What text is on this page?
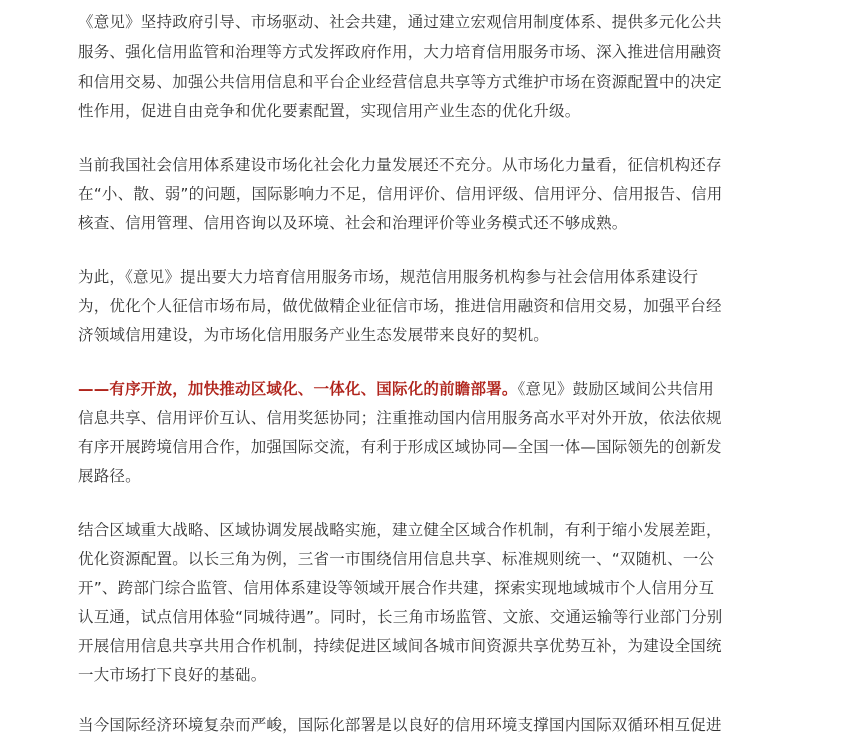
《意见》坚持政府引导、市场驱动、社会共建，通过建立宏观信用制度体系、提供多元化公共
服务、强化信用监管和治理等方式发挥政府作用，大力培育信用服务市场、深入推进信用融资
和信用交易、加强公共信用信息和平台企业经营信息共享等方式维护市场在资源配置中的决定
性作用，促进自由竞争和优化要素配置，实现信用产业生态的优化升级。
当前我国社会信用体系建设市场化社会化力量发展还不充分。从市场化力量看，征信机构还存
在“小、散、弱”的问题，国际影响力不足，信用评价、信用评级、信用评分、信用报告、信用
核查、信用管理、信用咨询以及环境、社会和治理评价等业务模式还不够成熟。
为此，《意见》提出要大力培育信用服务市场，规范信用服务机构参与社会信用体系建设行
为，优化个人征信市场布局，做优做精企业征信市场，推进信用融资和信用交易，加强平台经
济领域信用建设，为市场化信用服务产业生态发展带来良好的契机。
——有序开放，加快推动区域化、一体化、国际化的前瞻部署。《意见》鼓励区域间公共信用
信息共享、信用评价互认、信用奖惩协同；注重推动国内信用服务高水平对外开放，依法依规
有序开展跨境信用合作，加强国际交流，有利于形成区域协同—全国一体—国际领先的创新发
展路径。
结合区域重大战略、区域协调发展战略实施，建立健全区域合作机制，有利于缩小发展差距，
优化资源配置。以长三角为例，三省一市围绕信用信息共享、标准规则统一、“双随机、一公
开”、跨部门综合监管、信用体系建设等领域开展合作共建，探索实现地域城市个人信用分互
认互通，试点信用体验“同城待遇”。同时，长三角市场监管、文旅、交通运输等行业部门分别
开展信用信息共享共用合作机制，持续促进区域间各城市间资源共享优势互补，为建设全国统
一大市场打下良好的基础。
当今国际经济环境复杂而严峻，国际化部署是以良好的信用环境支撑国内国际双循环相互促进
